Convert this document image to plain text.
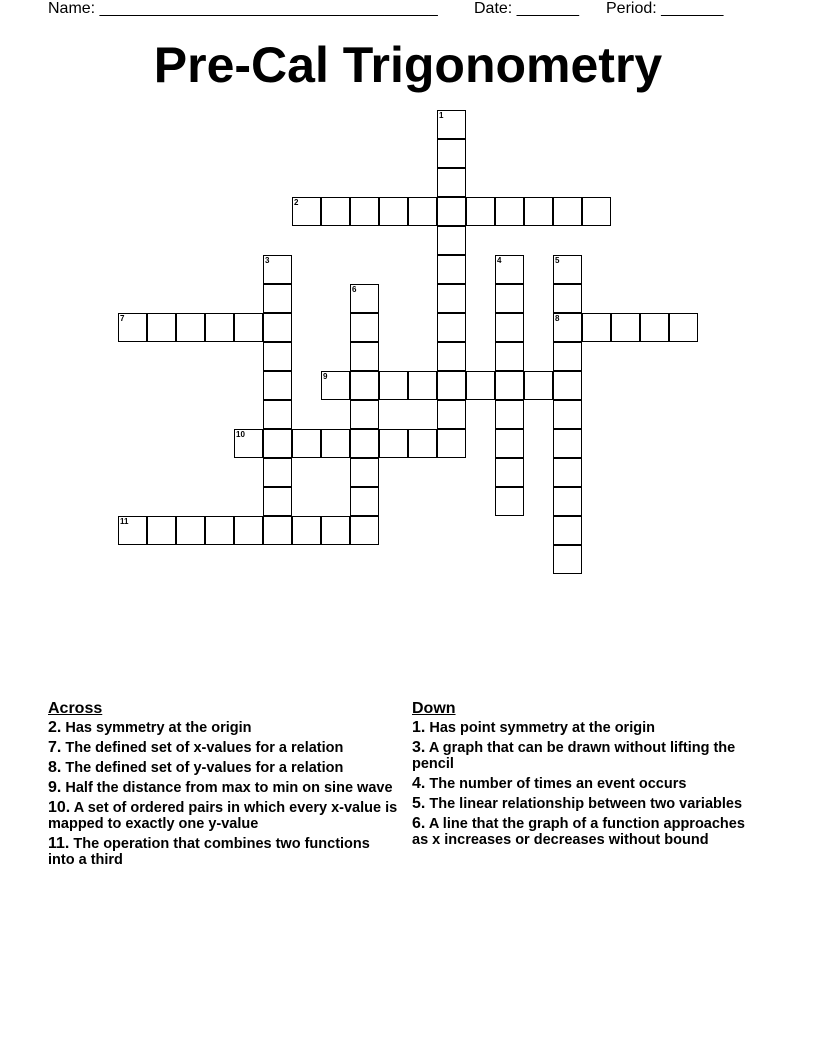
Name: ______________________________________ Date: _______ Period: _______
Pre-Cal Trigonometry
1
2
3	4	5
8
6
7
9
10
11
Across
2. Has symmetry at the origin
7. The defined set of x-values for a relation
8. The defined set of y-values for a relation
9. Half the distance from max to min on sine wave
10. A set of ordered pairs in which every x-value is mapped to exactly one y-value
11. The operation that combines two functions into a third
Down
1. Has point symmetry at the origin
3. A graph that can be drawn without lifting the pencil
4. The number of times an event occurs
5. The linear relationship between two variables
6. A line that the graph of a function approaches as x increases or decreases without bound
